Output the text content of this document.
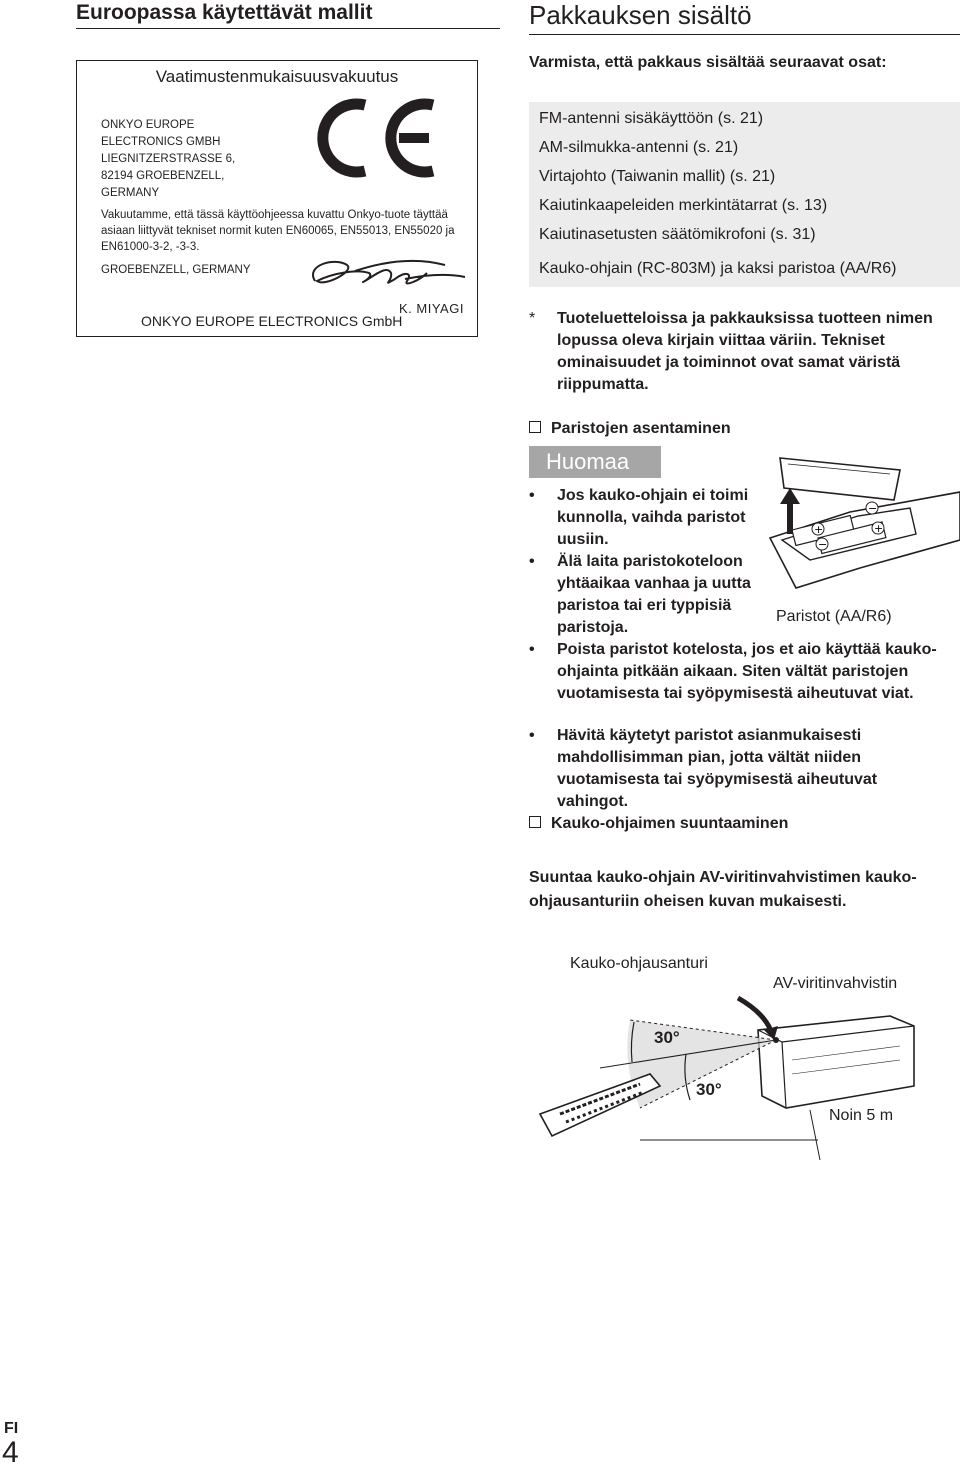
Euroopassa käytettävät mallit
Vaatimustenmukaisuusvakuutus
ONKYO EUROPE
ELECTRONICS GMBH
LIEGNITZERSTRASSE 6,
82194 GROEBENZELL,
GERMANY
Vakuutamme, että tässä käyttöohjeessa kuvattu Onkyo-tuote täyttää asiaan liittyvät tekniset normit kuten EN60065, EN55013, EN55020 ja EN61000-3-2, -3-3.
GROEBENZELL, GERMANY
K. MIYAGI
ONKYO EUROPE ELECTRONICS GmbH
Pakkauksen sisältö
Varmista, että pakkaus sisältää seuraavat osat:
FM-antenni sisäkäyttöön (s. 21)
AM-silmukka-antenni (s. 21)
Virtajohto (Taiwanin mallit) (s. 21)
Kaiutinkaapeleiden merkintätarrat (s. 13)
Kaiutinasetusten säätömikrofoni (s. 31)
Kauko-ohjain (RC-803M) ja kaksi paristoa (AA/R6)
* Tuoteluetteloissa ja pakkauksissa tuotteen nimen lopussa oleva kirjain viittaa väriin. Tekniset ominaisuudet ja toiminnot ovat samat väristä riippumatta.
Paristojen asentaminen
Huomaa
+
−
−
+
• Jos kauko-ohjain ei toimi kunnolla, vaihda paristot uusiin.
• Älä laita paristokoteloon yhtäaikaa vanhaa ja uutta paristoa tai eri typpisiä paristoja.
Paristot (AA/R6)
• Poista paristot kotelosta, jos et aio käyttää kauko-ohjainta pitkään aikaan. Siten vältät paristojen vuotamisesta tai syöpymisestä aiheutuvat viat.
• Hävitä käytetyt paristot asianmukaisesti mahdollisimman pian, jotta vältät niiden vuotamisesta tai syöpymisestä aiheutuvat vahingot.
Kauko-ohjaimen suuntaaminen
Suuntaa kauko-ohjain AV-viritinvahvistimen kauko-ohjausanturiin oheisen kuvan mukaisesti.
Kauko-ohjausanturi
AV-viritinvahvistin
30°
30°
Noin 5 m
FI
4
